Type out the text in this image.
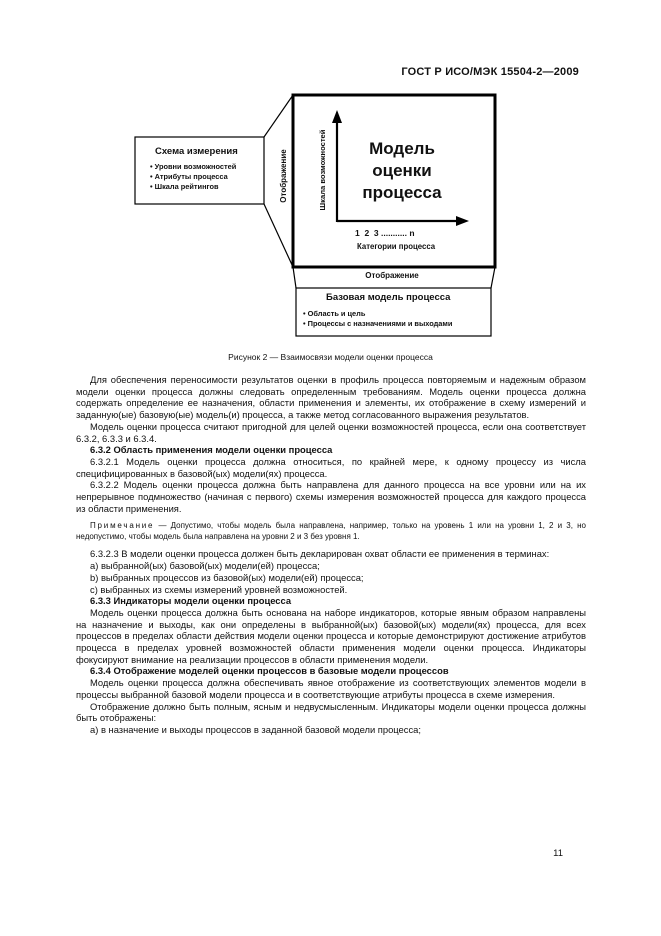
ГОСТ Р ИСО/МЭК 15504-2—2009
Схема измерения
• Уровни возможностей
• Атрибуты процесса
• Шкала рейтингов	Отображение	Шкала возможностей Модель
оценки
процесса
1  2  3 ........... n
Категории процесса
Отображение
Базовая модель процесса
• Область и цель
• Процессы с назначениями и выходами
Рисунок 2 — Взаимосвязи модели оценки процесса

Для обеспечения переносимости результатов оценки в профиль процесса повторяемым и надежным образом модели оценки процесса должны следовать определенным требованиям. Модель оценки процесса должна содержать определение ее назначения, области применения и элементы, их отображение в схему измерений и заданную(ые) базовую(ые) модель(и) процесса, а также метод согласованного выражения результатов.

Модель оценки процесса считают пригодной для целей оценки возможностей процесса, если она соответствует 6.3.2, 6.3.3 и 6.3.4.

6.3.2 Область применения модели оценки процесса

6.3.2.1 Модель оценки процесса должна относиться, по крайней мере, к одному процессу из числа специфицированных в базовой(ых) модели(ях) процесса.

6.3.2.2 Модель оценки процесса должна быть направлена для данного процесса на все уровни или на их непрерывное подмножество (начиная с первого) схемы измерения возможностей процесса для каждого процесса из области применения.

Примечание — Допустимо, чтобы модель была направлена, например, только на уровень 1 или на уровни 1, 2 и 3, но недопустимо, чтобы модель была направлена на уровни 2 и 3 без уровня 1.

6.3.2.3 В модели оценки процесса должен быть декларирован охват области ее применения в терминах:

а) выбранной(ых) базовой(ых) модели(ей) процесса;

b) выбранных процессов из базовой(ых) модели(ей) процесса;

c) выбранных из схемы измерений уровней возможностей.

6.3.3 Индикаторы модели оценки процесса

Модель оценки процесса должна быть основана на наборе индикаторов, которые явным образом направлены на назначение и выходы, как они определены в выбранной(ых) базовой(ых) модели(ях) процесса, для всех процессов в пределах области действия модели оценки процесса и которые демонстрируют достижение атрибутов процесса в пределах уровней возможностей области применения модели оценки процесса. Индикаторы фокусируют внимание на реализации процессов в области применения модели.

6.3.4 Отображение моделей оценки процессов в базовые модели процессов

Модель оценки процесса должна обеспечивать явное отображение из соответствующих элементов модели в процессы выбранной базовой модели процесса и в соответствующие атрибуты процесса в схеме измерения.

Отображение должно быть полным, ясным и недвусмысленным. Индикаторы модели оценки процесса должны быть отображены:

а) в назначение и выходы процессов в заданной базовой модели процесса;

11
